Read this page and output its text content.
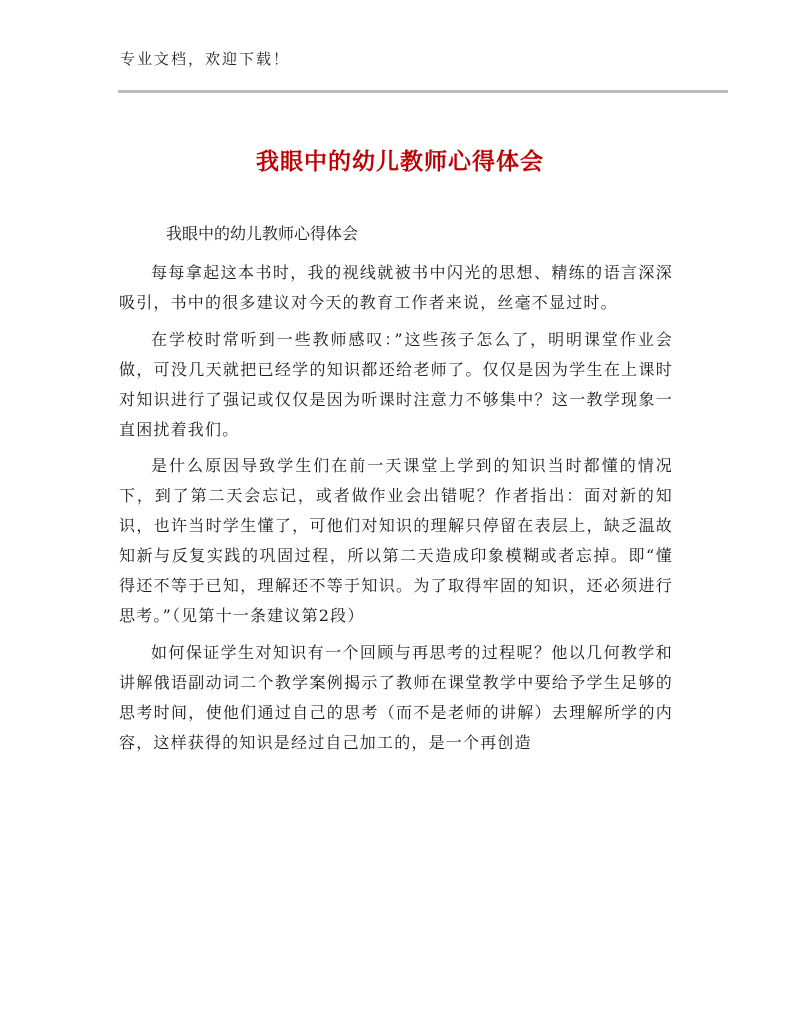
专业文档，欢迎下载！
我眼中的幼儿教师心得体会
我眼中的幼儿教师心得体会

每每拿起这本书时，我的视线就被书中闪光的思想、精练的语言深深吸引，书中的很多建议对今天的教育工作者来说，丝毫不显过时。

在学校时常听到一些教师感叹：”这些孩子怎么了，明明课堂作业会做，可没几天就把已经学的知识都还给老师了。仅仅是因为学生在上课时对知识进行了强记或仅仅是因为听课时注意力不够集中？这一教学现象一直困扰着我们。

是什么原因导致学生们在前一天课堂上学到的知识当时都懂的情况下，到了第二天会忘记，或者做作业会出错呢？作者指出：面对新的知识，也许当时学生懂了，可他们对知识的理解只停留在表层上，缺乏温故知新与反复实践的巩固过程，所以第二天造成印象模糊或者忘掉。即“懂得还不等于已知，理解还不等于知识。为了取得牢固的知识，还必须进行思考。”（见第十一条建议第2段）

如何保证学生对知识有一个回顾与再思考的过程呢？他以几何教学和讲解俄语副动词二个教学案例揭示了教师在课堂教学中要给予学生足够的思考时间，使他们通过自己的思考（而不是老师的讲解）去理解所学的内容，这样获得的知识是经过自己加工的，是一个再创造
